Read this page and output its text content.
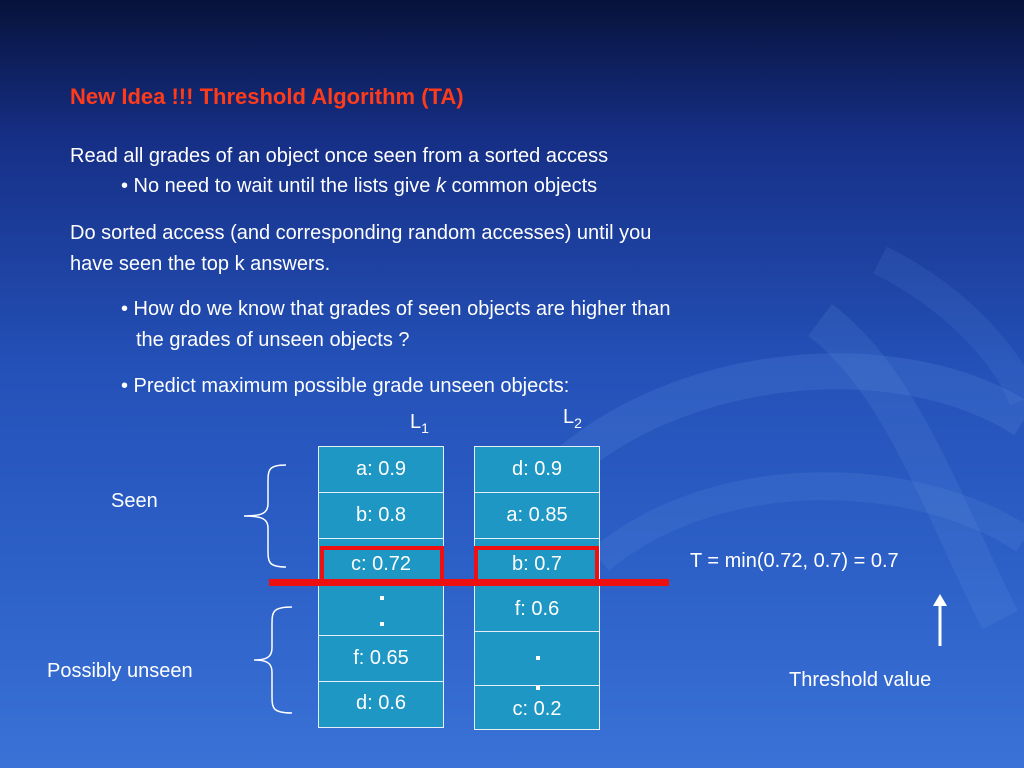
New Idea !!! Threshold Algorithm (TA)
Read all grades of an object once seen from a sorted access
• No need to wait until the lists give k common objects
Do sorted access (and corresponding random accesses) until you
have seen the top k answers.
• How do we know that grades of seen objects are higher than
the grades of unseen objects ?
• Predict maximum possible grade unseen objects:
$L_1$	$L_2$
a: 0.9
b: 0.8
c: 0.72
f: 0.65
d: 0.6
d: 0.9
a: 0.85
b: 0.7
f: 0.6
c: 0.2
Seen
Possibly unseen
T = min(0.72, 0.7) = 0.7
Threshold value
